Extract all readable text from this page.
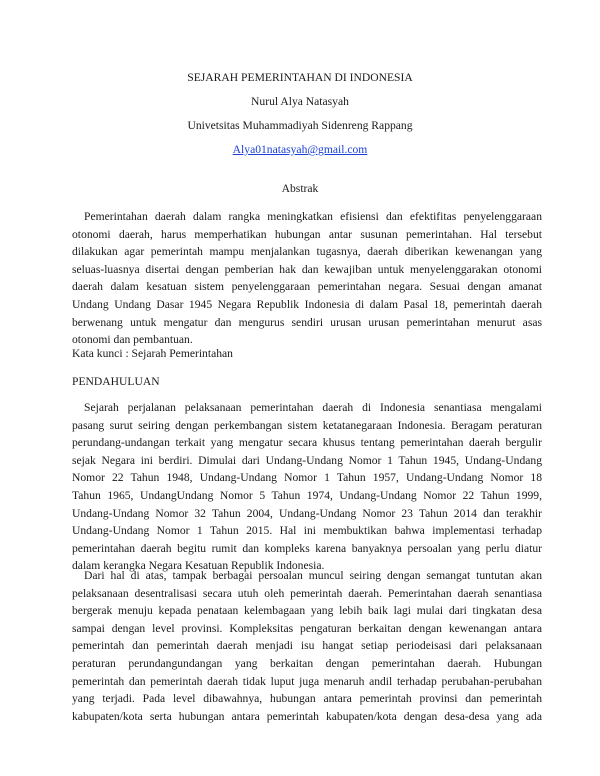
SEJARAH PEMERINTAHAN DI INDONESIA
Nurul Alya Natasyah
Univetsitas Muhammadiyah Sidenreng Rappang
Alya01natasyah@gmail.com
Abstrak
Pemerintahan daerah dalam rangka meningkatkan efisiensi dan efektifitas penyelenggaraan
otonomi daerah, harus memperhatikan hubungan antar susunan pemerintahan. Hal tersebut
dilakukan agar pemerintah mampu menjalankan tugasnya, daerah diberikan kewenangan yang
seluas-luasnya disertai dengan pemberian hak dan kewajiban untuk menyelenggarakan otonomi
daerah dalam kesatuan sistem penyelenggaraan pemerintahan negara. Sesuai dengan amanat
Undang Undang Dasar 1945 Negara Republik Indonesia di dalam Pasal 18, pemerintah daerah
berwenang untuk mengatur dan mengurus sendiri urusan urusan pemerintahan menurut asas
otonomi dan pembantuan.
Kata kunci : Sejarah Pemerintahan
PENDAHULUAN
Sejarah perjalanan pelaksanaan pemerintahan daerah di Indonesia senantiasa mengalami
pasang surut seiring dengan perkembangan sistem ketatanegaraan Indonesia. Beragam peraturan
perundang-undangan terkait yang mengatur secara khusus tentang pemerintahan daerah bergulir
sejak Negara ini berdiri. Dimulai dari Undang-Undang Nomor 1 Tahun 1945, Undang-Undang
Nomor 22 Tahun 1948, Undang-Undang Nomor 1 Tahun 1957, Undang-Undang Nomor 18
Tahun 1965, UndangUndang Nomor 5 Tahun 1974, Undang-Undang Nomor 22 Tahun 1999,
Undang-Undang Nomor 32 Tahun 2004, Undang-Undang Nomor 23 Tahun 2014 dan terakhir
Undang-Undang Nomor 1 Tahun 2015. Hal ini membuktikan bahwa implementasi terhadap
pemerintahan daerah begitu rumit dan kompleks karena banyaknya persoalan yang perlu diatur
dalam kerangka Negara Kesatuan Republik Indonesia.
Dari hal di atas, tampak berbagai persoalan muncul seiring dengan semangat tuntutan akan
pelaksanaan desentralisasi secara utuh oleh pemerintah daerah. Pemerintahan daerah senantiasa
bergerak menuju kepada penataan kelembagaan yang lebih baik lagi mulai dari tingkatan desa
sampai dengan level provinsi. Kompleksitas pengaturan berkaitan dengan kewenangan antara
pemerintah dan pemerintah daerah menjadi isu hangat setiap periodeisasi dari pelaksanaan
peraturan perundangundangan yang berkaitan dengan pemerintahan daerah. Hubungan
pemerintah dan pemerintah daerah tidak luput juga menaruh andil terhadap perubahan-perubahan
yang terjadi. Pada level dibawahnya, hubungan antara pemerintah provinsi dan pemerintah
kabupaten/kota serta hubungan antara pemerintah kabupaten/kota dengan desa-desa yang ada
